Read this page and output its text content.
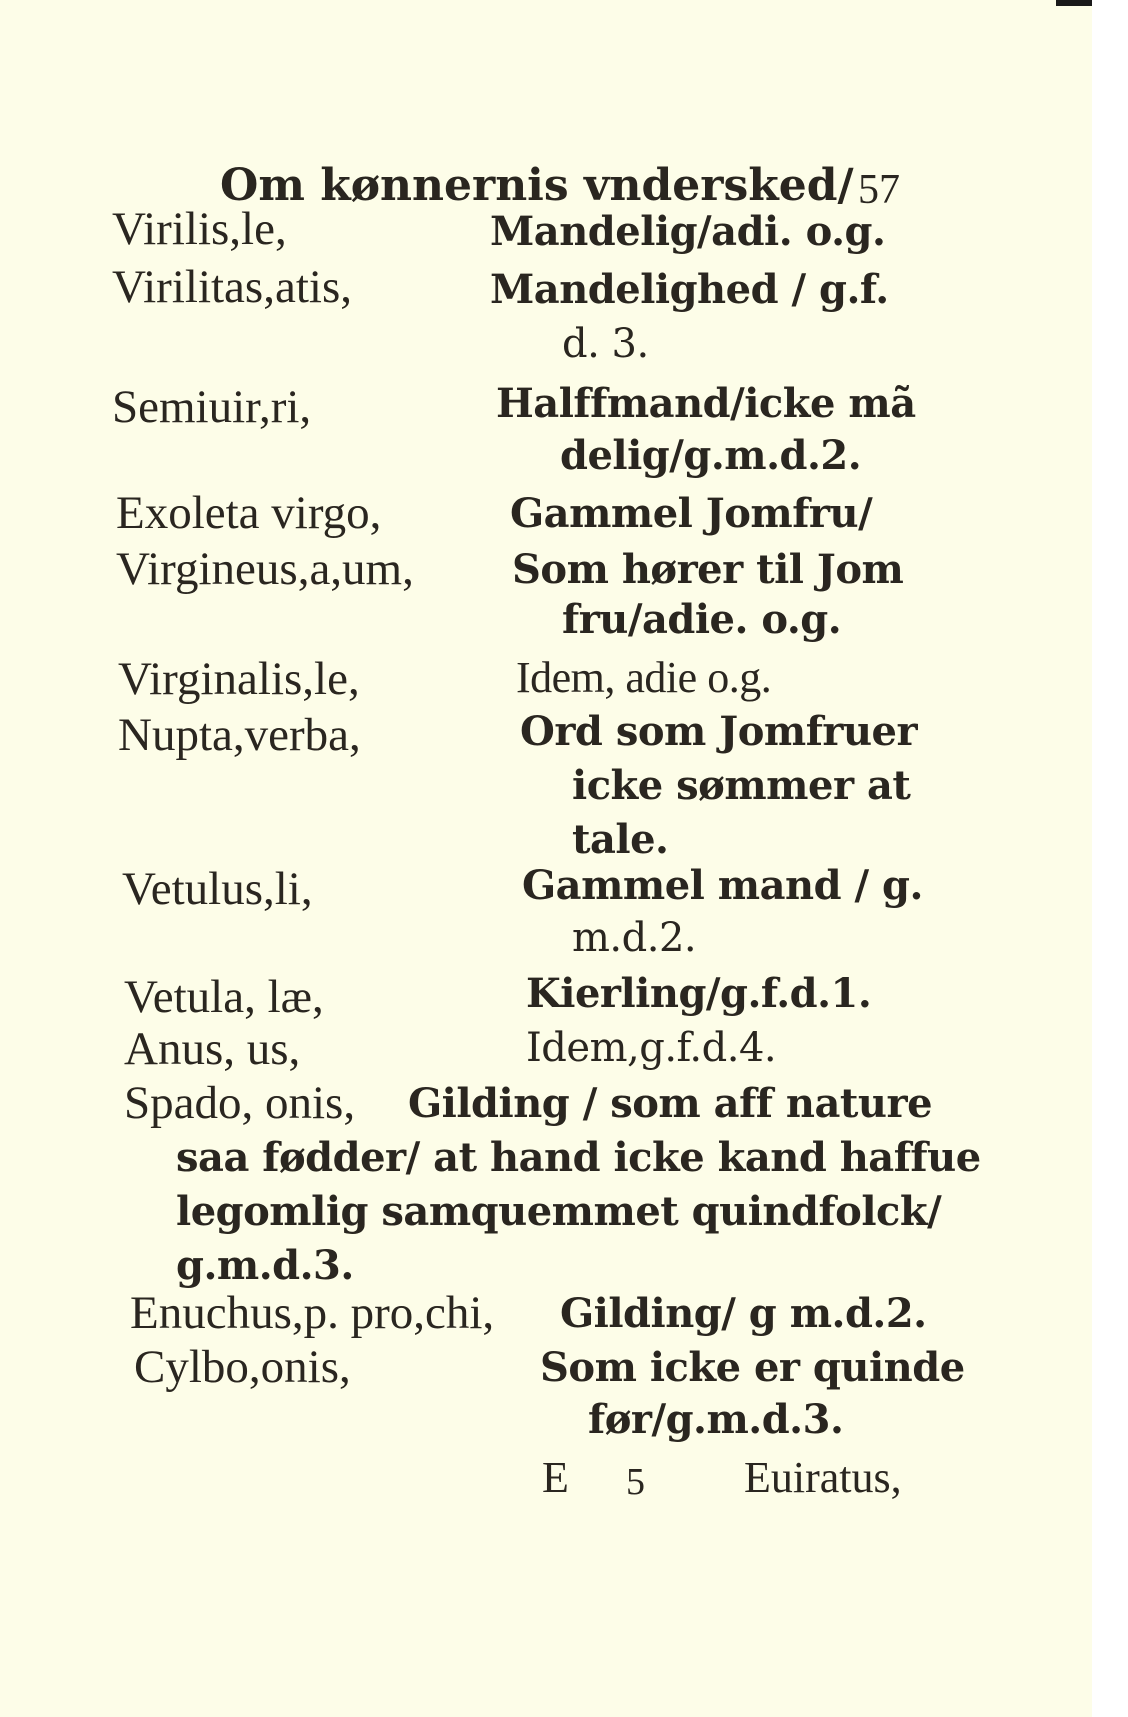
Om kønnernis vndersked/ 57
Virilis,le,	Mandelig/adi. o.g.
Virilitas,atis,	Mandelighed / g.f.
d. 3.
Semiuir,ri,	Halffmand/icke mã
delig/g.m.d.2.
Exoleta virgo,	Gammel Jomfru/
Virgineus,a,um, Som hører til Jom
fru/adie. o.g.
Virginalis,le,	Idem, adie o.g.
Nupta,verba,	Ord som Jomfruer
icke sømmer at
tale.
Vetulus,li,	Gammel mand / g.
m.d.2.
Vetula, læ,	Kierling/g.f.d.1.
Anus, us,	Idem,g.f.d.4.
Spado, onis, Gilding / som aff nature
saa fødder/ at hand icke kand haffue
legomlig samquemmet quindfolck/
g.m.d.3.
Enuchus,p. pro,chi, Gilding/ g m.d.2.
Cylbo,onis,	Som icke er quinde
før/g.m.d.3.
E 5 Euiratus,
